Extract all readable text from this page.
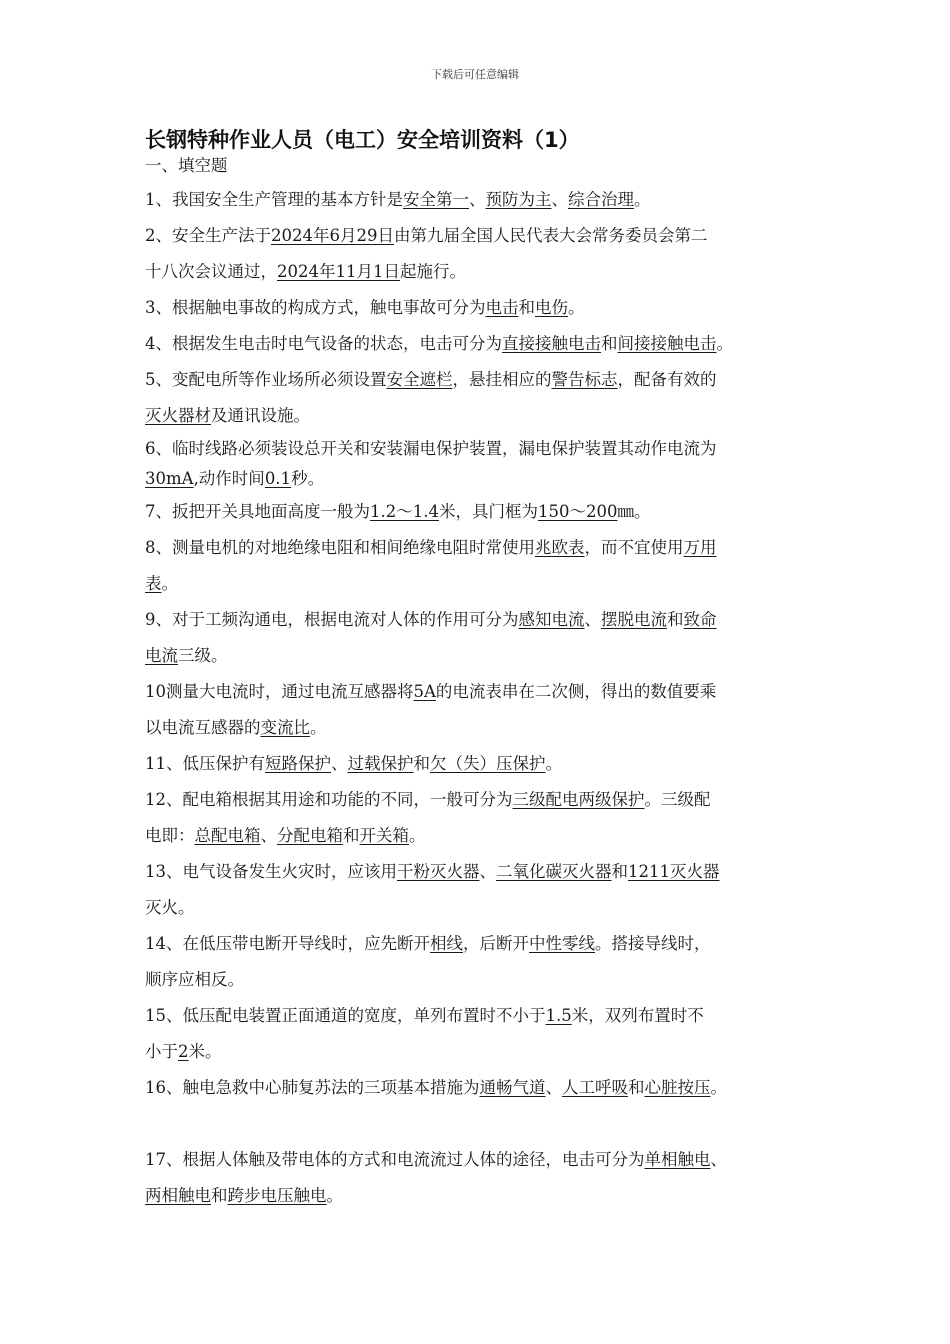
下载后可任意编辑
长钢特种作业人员（电工）安全培训资料（1）
一、填空题
1、我国安全生产管理的基本方针是安全第一、预防为主、综合治理。
2、安全生产法于2024年6月29日由第九届全国人民代表大会常务委员会第二
十八次会议通过，2024年11月1日起施行。
3、根据触电事故的构成方式，触电事故可分为电击和电伤。
4、根据发生电击时电气设备的状态，电击可分为直接接触电击和间接接触电击。
5、变配电所等作业场所必须设置安全遮栏，悬挂相应的警告标志，配备有效的
灭火器材及通讯设施。
6、临时线路必须装设总开关和安装漏电保护装置，漏电保护装置其动作电流为
30mA,动作时间0.1秒。
7、扳把开关具地面高度一般为1.2～1.4米，具门框为150～200㎜。
8、测量电机的对地绝缘电阻和相间绝缘电阻时常使用兆欧表，而不宜使用万用
表。
9、对于工频沟通电，根据电流对人体的作用可分为感知电流、摆脱电流和致命
电流三级。
10测量大电流时，通过电流互感器将5A的电流表串在二次侧，得出的数值要乘
以电流互感器的变流比。
11、低压保护有短路保护、过载保护和欠（失）压保护。
12、配电箱根据其用途和功能的不同，一般可分为三级配电两级保护。三级配
电即：总配电箱、分配电箱和开关箱。
13、电气设备发生火灾时，应该用干粉灭火器、二氧化碳灭火器和1211灭火器
灭火。
14、在低压带电断开导线时，应先断开相线，后断开中性零线。搭接导线时，
顺序应相反。
15、低压配电装置正面通道的宽度，单列布置时不小于1.5米，双列布置时不
小于2米。
16、触电急救中心肺复苏法的三项基本措施为通畅气道、人工呼吸和心脏按压。
17、根据人体触及带电体的方式和电流流过人体的途径，电击可分为单相触电、
两相触电和跨步电压触电。
